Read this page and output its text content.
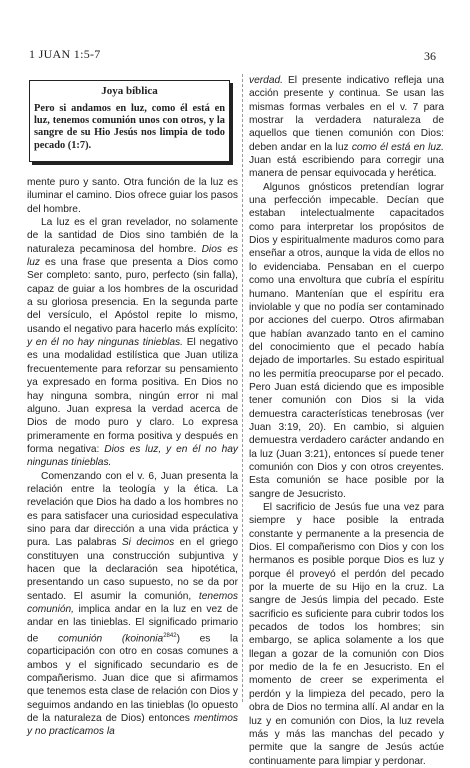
1 JUAN 1:5-7	36
Joya bíblica
Pero si andamos en luz, como él está en luz, tenemos comunión unos con otros, y la sangre de su Hio Jesús nos limpia de todo pecado (1:7).

mente puro y santo. Otra función de la luz es iluminar el camino. Dios ofrece guiar los pasos del hombre.

La luz es el gran revelador, no solamente de la santidad de Dios sino también de la naturaleza pecaminosa del hombre. Dios es luz es una frase que presenta a Dios como Ser completo: santo, puro, perfecto (sin falla), capaz de guiar a los hombres de la oscuridad a su gloriosa presencia. En la segunda parte del versículo, el Apóstol repite lo mismo, usando el negativo para hacerlo más explícito: y en él no hay ningunas tinieblas. El negativo es una modalidad estilística que Juan utiliza frecuentemente para reforzar su pensamiento ya expresado en forma positiva. En Dios no hay ninguna sombra, ningún error ni mal alguno. Juan expresa la verdad acerca de Dios de modo puro y claro. Lo expresa primeramente en forma positiva y después en forma negativa: Dios es luz, y en él no hay ningunas tinieblas.

Comenzando con el v. 6, Juan presenta la relación entre la teología y la ética. La revelación que Dios ha dado a los hombres no es para satisfacer una curiosidad especulativa sino para dar dirección a una vida práctica y pura. Las palabras Si decimos en el griego constituyen una construcción subjuntiva y hacen que la declaración sea hipotética, presentando un caso supuesto, no se da por sentado. El asumir la comunión, tenemos comunión, implica andar en la luz en vez de andar en las tinieblas. El significado primario de comunión (koinonia$^{2842}$) es la coparticipación con otro en cosas comunes a ambos y el significado secundario es de compañerismo. Juan dice que si afirmamos que tenemos esta clase de relación con Dios y seguimos andando en las tinieblas (lo opuesto de la naturaleza de Dios) entonces mentimos y no practicamos la

verdad. El presente indicativo refleja una acción presente y continua. Se usan las mismas formas verbales en el v. 7 para mostrar la verdadera naturaleza de aquellos que tienen comunión con Dios: deben andar en la luz como él está en luz. Juan está escribiendo para corregir una manera de pensar equivocada y herética.

Algunos gnósticos pretendían lograr una perfección impecable. Decían que estaban intelectualmente capacitados como para interpretar los propósitos de Dios y espiritualmente maduros como para enseñar a otros, aunque la vida de ellos no lo evidenciaba. Pensaban en el cuerpo como una envoltura que cubría el espíritu humano. Mantenían que el espíritu era inviolable y que no podía ser contaminado por acciones del cuerpo. Otros afirmaban que habían avanzado tanto en el camino del conocimiento que el pecado había dejado de importarles. Su estado espiritual no les permitía preocuparse por el pecado. Pero Juan está diciendo que es imposible tener comunión con Dios si la vida demuestra características tenebrosas (ver Juan 3:19, 20). En cambio, si alguien demuestra verdadero carácter andando en la luz (Juan 3:21), entonces sí puede tener comunión con Dios y con otros creyentes. Esta comunión se hace posible por la sangre de Jesucristo.

El sacrificio de Jesús fue una vez para siempre y hace posible la entrada constante y permanente a la presencia de Dios. El compañerismo con Dios y con los hermanos es posible porque Dios es luz y porque él proveyó el perdón del pecado por la muerte de su Hijo en la cruz. La sangre de Jesús limpia del pecado. Este sacrificio es suficiente para cubrir todos los pecados de todos los hombres; sin embargo, se aplica solamente a los que llegan a gozar de la comunión con Dios por medio de la fe en Jesucristo. En el momento de creer se experimenta el perdón y la limpieza del pecado, pero la obra de Dios no termina allí. Al andar en la luz y en comunión con Dios, la luz revela más y más las manchas del pecado y permite que la sangre de Jesús actúe continuamente para limpiar y perdonar.
